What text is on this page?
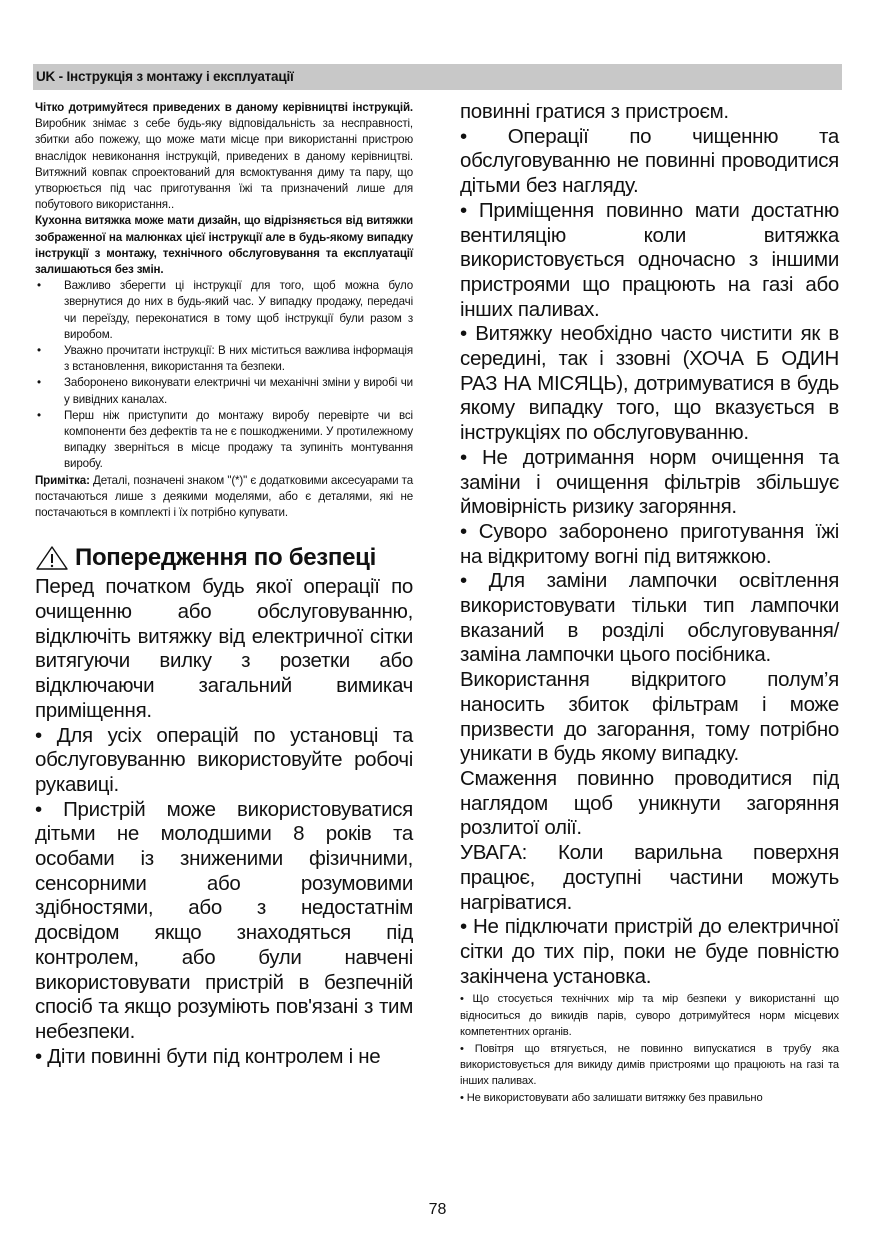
UK - Інструкція з монтажу і експлуатації

Чітко дотримуйтеся приведених в даному керівництві інструкцій. Виробник знімає з себе будь-яку відповідальність за несправності, збитки або пожежу, що може мати місце при використанні пристрою внаслідок невиконання інструкцій, приведених в даному керівництві. Витяжний ковпак спроектований для всмоктування диму та пару, що утворюється під час приготування їжі та призначений лише для побутового використання..

Кухонна витяжка може мати дизайн, що відрізняється від витяжки зображенної на малюнках цієї інструкції але в будь-якому випадку інструкції з монтажу, технічного обслуговування та експлуатації залишаються без змін.

• Важливо зберегти ці інструкції для того, щоб можна було звернутися до них в будь-який час. У випадку продажу, передачі чи переїзду, переконатися в тому щоб інструкції були разом з виробом.
• Уважно прочитати інструкції: В них міститься важлива інформація з встановлення, використання та безпеки.
• Заборонено виконувати електричні чи механічні зміни у виробі чи у вивідних каналах.
• Перш ніж приступити до монтажу виробу перевірте чи всі компоненти без дефектів та не є пошкодженими. У протилежному випадку зверніться в місце продажу та зупиніть монтування виробу.

Примітка: Деталі, позначені знаком "(*)" є додатковими аксесуарами та постачаються лише з деякими моделями, або є деталями, які не постачаються в комплекті і їх потрібно купувати.

Попередження по безпеці
Перед початком будь якої операції по очищенню або обслуговуванню, відключіть витяжку від електричної сітки витягуючи вилку з розетки або відключаючи загальний вимикач приміщення.
• Для усіх операцій по установці та обслуговуванню використовуйте робочі рукавиці.
• Пристрій може використовуватися дітьми не молодшими 8 років та особами із зниженими фізичними, сенсорними або розумовими здібностями, або з недостатнім досвідом якщо знаходяться під контролем, або були навчені використовувати пристрій в безпечній спосіб та якщо розуміють пов'язані з тим небезпеки.
• Діти повинні бути під контролем і не
повинні гратися з пристроєм.
• Операції по чищенню та обслуговуванню не повинні проводитися дітьми без нагляду.
• Приміщення повинно мати достатню вентиляцію коли витяжка використовується одночасно з іншими пристроями що працюють на газі або інших паливах.
• Витяжку необхідно часто чистити як в середині, так і ззовні (ХОЧА Б ОДИН РАЗ НА МІСЯЦЬ), дотримуватися в будь якому випадку того, що вказується в інструкціях по обслуговуванню.
• Не дотримання норм очищення та заміни і очищення фільтрів збільшує ймовірність ризику загоряння.
• Суворо заборонено приготування їжі на відкритому вогні під витяжкою.
• Для заміни лампочки освітлення використовувати тільки тип лампочки вказаний в розділі обслуговування/заміна лампочки цього посібника.
Використання відкритого полум’я наносить збиток фільтрам і може призвести до загорання, тому потрібно уникати в будь якому випадку.
Смаження повинно проводитися під наглядом щоб уникнути загоряння розлитої олії.
УВАГА: Коли варильна поверхня працює, доступні частини можуть нагріватися.
• Не підключати пристрій до електричної сітки до тих пір, поки не буде повністю закінчена установка.
• Що стосується технічних мір та мір безпеки у використанні що відноситься до викидів парів, суворо дотримуйтеся норм місцевих компетентних органів.
• Повітря що втягується, не повинно випускатися в трубу яка використовується для викиду димів пристроями що працюють на газі та інших паливах.
• Не використовувати або залишати витяжку без правильно
78
